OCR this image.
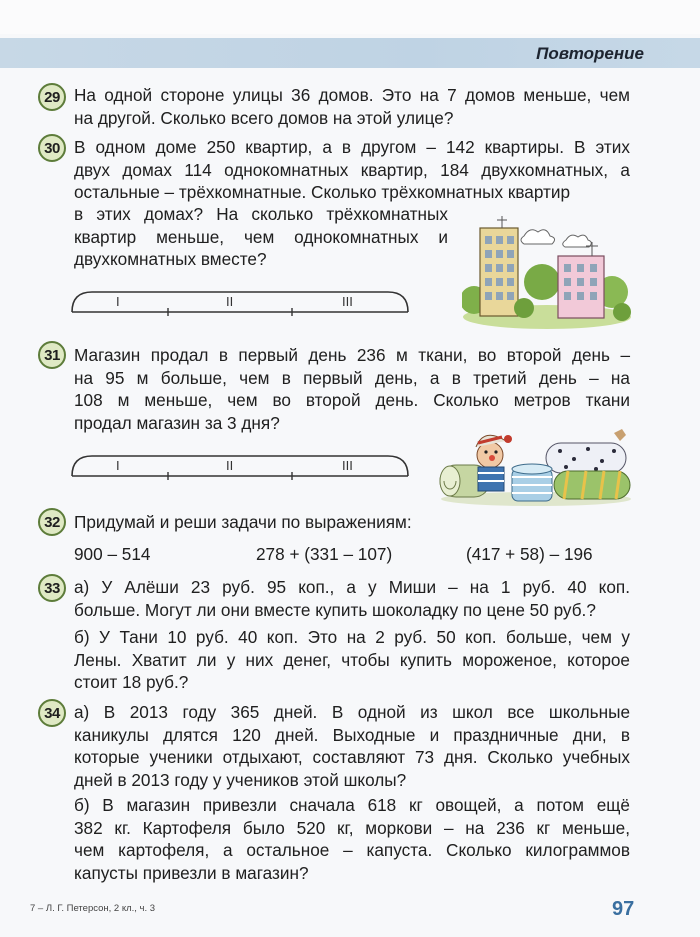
Повторение
29 На одной стороне улицы 36 домов. Это на 7 домов меньше, чем

на другой. Сколько всего домов на этой улице?

30 В одном доме 250 квартир, а в другом – 142 квартиры. В этих

двух домах 114 однокомнатных квартир, 184 двухкомнатных, а

остальные – трёхкомнатные. Сколько трёхкомнатных квартир

в этих домах? На сколько трёхкомнатных

квартир меньше, чем однокомнатных и

двухкомнатных вместе?

I	II	III
31 Магазин продал в первый день 236 м ткани, во второй день –

на 95 м больше, чем в первый день, а в третий день – на

108 м меньше, чем во второй день. Сколько метров ткани

продал магазин за 3 дня?

I	II	III
32 Придумай и реши задачи по выражениям:

900 – 514	278 + (331 – 107)	(417 + 58) – 196
33 а) У Алёши 23 руб. 95 коп., а у Миши – на 1 руб. 40 коп.

больше. Могут ли они вместе купить шоколадку по цене 50 руб.?

б) У Тани 10 руб. 40 коп. Это на 2 руб. 50 коп. больше, чем у

Лены. Хватит ли у них денег, чтобы купить мороженое, которое

стоит 18 руб.?

34 а) В 2013 году 365 дней. В одной из школ все школьные

каникулы длятся 120 дней. Выходные и праздничные дни, в

которые ученики отдыхают, составляют 73 дня. Сколько учебных

дней в 2013 году у учеников этой школы?

б) В магазин привезли сначала 618 кг овощей, а потом ещё

382 кг. Картофеля было 520 кг, моркови – на 236 кг меньше,

чем картофеля, а остальное – капуста. Сколько килограммов

капусты привезли в магазин?

7 – Л. Г. Петерсон, 2 кл., ч. 3	97
